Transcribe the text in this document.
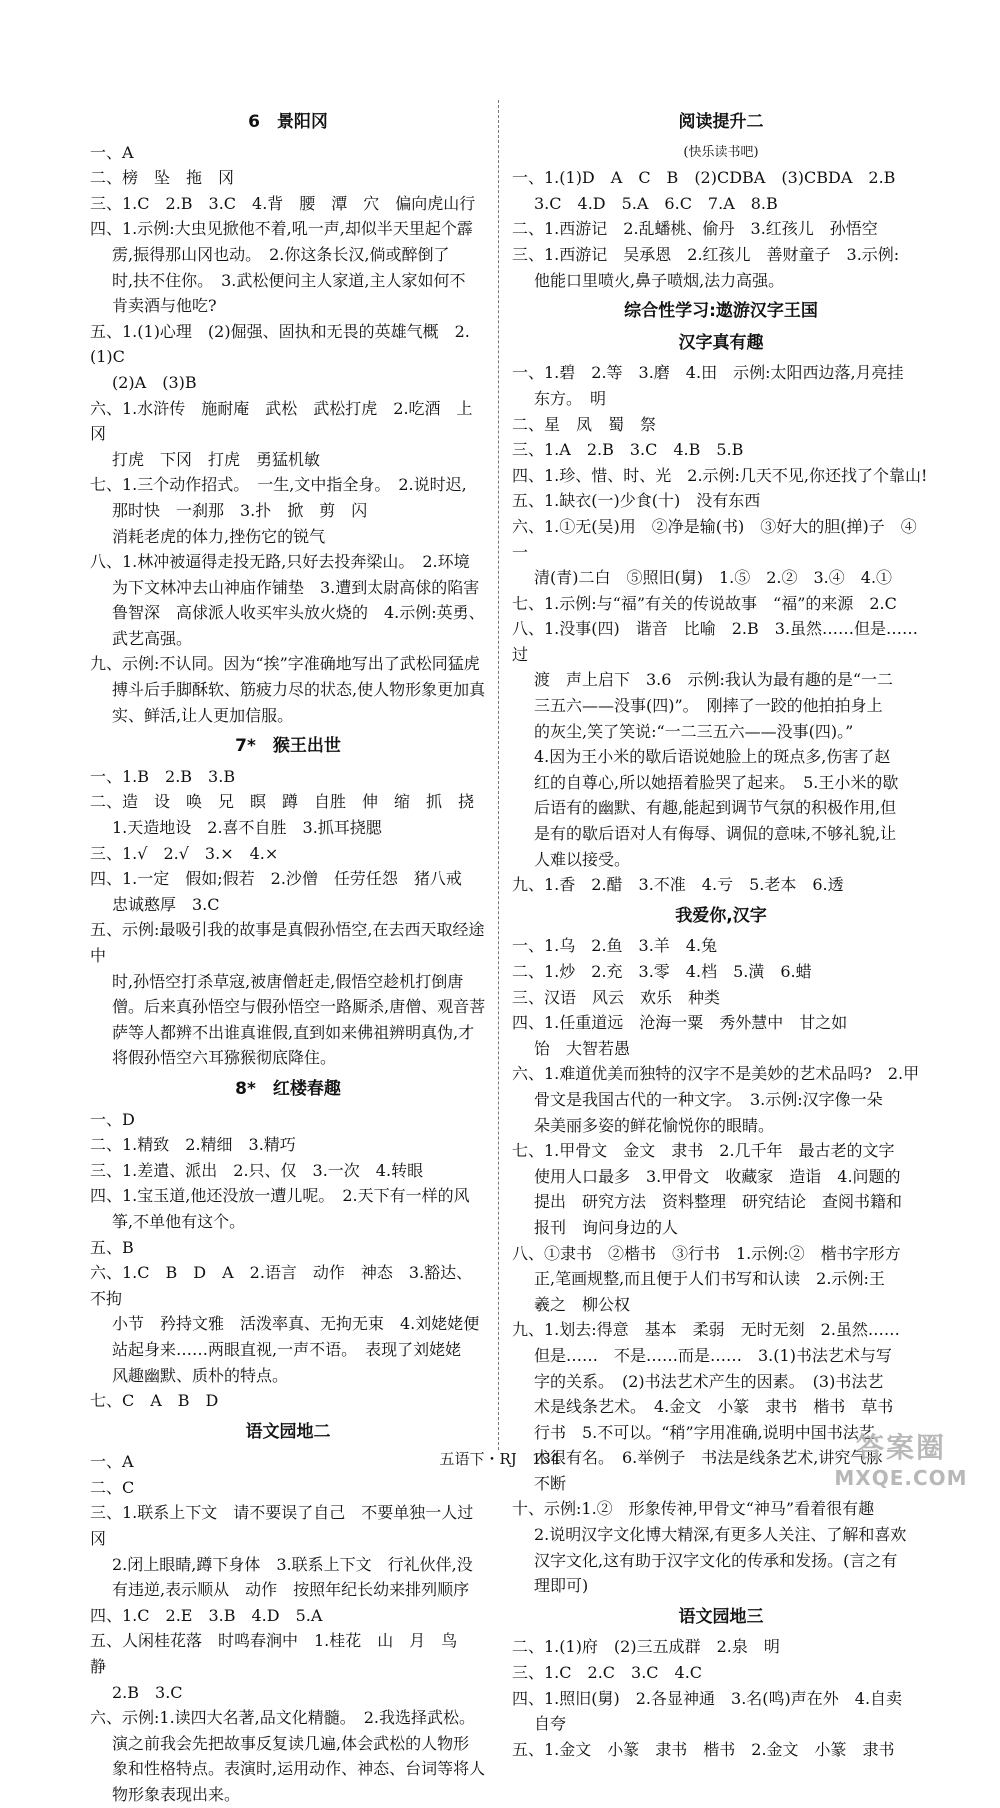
6　景阳冈
一、A
二、榜　坠　拖　冈
三、1.C　2.B　3.C　4.背　腰　潭　穴　偏向虎山行
四、1.示例:大虫见掀他不着,吼一声,却似半天里起个霹
雳,振得那山冈也动。　2.你这条长汉,倘或醉倒了
时,扶不住你。　3.武松便问主人家道,主人家如何不
肯卖酒与他吃?
五、1.(1)心理　(2)倔强、固执和无畏的英雄气概　2.(1)C
(2)A　(3)B
六、1.水浒传　施耐庵　武松　武松打虎　2.吃酒　上冈
打虎　下冈　打虎　勇猛机敏
七、1.三个动作招式。　一生,文中指全身。　2.说时迟,
那时快　一刹那　3.扑　掀　剪　闪
消耗老虎的体力,挫伤它的锐气
八、1.林冲被逼得走投无路,只好去投奔梁山。　2.环境
为下文林冲去山神庙作铺垫　3.遭到太尉高俅的陷害
鲁智深　高俅派人收买牢头放火烧的　4.示例:英勇、
武艺高强。
九、示例:不认同。因为“挨”字准确地写出了武松同猛虎
搏斗后手脚酥软、筋疲力尽的状态,使人物形象更加真
实、鲜活,让人更加信服。
7*　猴王出世
一、1.B　2.B　3.B
二、造　设　唤　兄　瞑　蹲　自胜　伸　缩　抓　挠
1.天造地设　2.喜不自胜　3.抓耳挠腮
三、1.√　2.√　3.×　4.×
四、1.一定　假如;假若　2.沙僧　任劳任怨　猪八戒
忠诚憨厚　3.C
五、示例:最吸引我的故事是真假孙悟空,在去西天取经途中
时,孙悟空打杀草寇,被唐僧赶走,假悟空趁机打倒唐
僧。后来真孙悟空与假孙悟空一路厮杀,唐僧、观音菩
萨等人都辨不出谁真谁假,直到如来佛祖辨明真伪,才
将假孙悟空六耳猕猴彻底降住。
8*　红楼春趣
一、D
二、1.精致　2.精细　3.精巧
三、1.差遣、派出　2.只、仅　3.一次　4.转眼
四、1.宝玉道,他还没放一遭儿呢。　2.天下有一样的风
筝,不单他有这个。
五、B
六、1.C　B　D　A　2.语言　动作　神态　3.豁达、不拘
小节　矜持文雅　活泼率真、无拘无束　4.刘姥姥便
站起身来……两眼直视,一声不语。　表现了刘姥姥
风趣幽默、质朴的特点。
七、C　A　B　D
语文园地二
一、A
二、C
三、1.联系上下文　请不要误了自己　不要单独一人过冈
2.闭上眼睛,蹲下身体　3.联系上下文　行礼伙伴,没
有违逆,表示顺从　动作　按照年纪长幼来排列顺序
四、1.C　2.E　3.B　4.D　5.A
五、人闲桂花落　时鸣春涧中　1.桂花　山　月　鸟　静
2.B　3.C
六、示例:1.读四大名著,品文化精髓。　2.我选择武松。
演之前我会先把故事反复读几遍,体会武松的人物形
象和性格特点。表演时,运用动作、神态、台词等将人
物形象表现出来。
阅读提升二
(快乐读书吧)
一、1.(1)D　A　C　B　(2)CDBA　(3)CBDA　2.B
3.C　4.D　5.A　6.C　7.A　8.B
二、1.西游记　2.乱蟠桃、偷丹　3.红孩儿　孙悟空
三、1.西游记　吴承恩　2.红孩儿　善财童子　3.示例:
他能口里喷火,鼻子喷烟,法力高强。
综合性学习:遨游汉字王国
汉字真有趣
一、1.碧　2.等　3.磨　4.田　示例:太阳西边落,月亮挂
东方。　明
二、星　凤　蜀　祭
三、1.A　2.B　3.C　4.B　5.B
四、1.珍、惜、时、光　2.示例:几天不见,你还找了个靠山!
五、1.缺衣(一)少食(十)　没有东西
六、1.①无(吴)用　②净是输(书)　③好大的胆(掸)子　④一
清(青)二白　⑤照旧(舅)　1.⑤　2.②　3.④　4.①
七、1.示例:与“福”有关的传说故事　“福”的来源　2.C
八、1.没事(四)　谐音　比喻　2.B　3.虽然……但是……　过
渡　声上启下　3.6　示例:我认为最有趣的是“一二
三五六——没事(四)”。　刚摔了一跤的他拍拍身上
的灰尘,笑了笑说:“一二三五六——没事(四)。”
4.因为王小米的歇后语说她脸上的斑点多,伤害了赵
红的自尊心,所以她捂着脸哭了起来。　5.王小米的歇
后语有的幽默、有趣,能起到调节气氛的积极作用,但
是有的歇后语对人有侮辱、调侃的意味,不够礼貌,让
人难以接受。
九、1.香　2.醋　3.不准　4.亏　5.老本　6.透
我爱你,汉字
一、1.乌　2.鱼　3.羊　4.兔
二、1.炒　2.充　3.零　4.档　5.潢　6.蜡
三、汉语　风云　欢乐　种类
四、1.任重道远　沧海一粟　秀外慧中　甘之如
饴　大智若愚
六、1.难道优美而独特的汉字不是美妙的艺术品吗?　2.甲
骨文是我国古代的一种文字。　3.示例:汉字像一朵
朵美丽多姿的鲜花愉悦你的眼睛。
七、1.甲骨文　金文　隶书　2.几千年　最古老的文字
使用人口最多　3.甲骨文　收藏家　造诣　4.问题的
提出　研究方法　资料整理　研究结论　查阅书籍和
报刊　询问身边的人
八、①隶书　②楷书　③行书　1.示例:②　楷书字形方
正,笔画规整,而且便于人们书写和认读　2.示例:王
羲之　柳公权
九、1.划去:得意　基本　柔弱　无时无刻　2.虽然……
但是……　不是……而是……　3.(1)书法艺术与写
字的关系。　(2)书法艺术产生的因素。　(3)书法艺
术是线条艺术。　4.金文　小篆　隶书　楷书　草书
行书　5.不可以。“稍”字用准确,说明中国书法艺
术很有名。　6.举例子　书法是线条艺术,讲究气脉
不断
十、示例:1.②　形象传神,甲骨文“神马”看着很有趣
2.说明汉字文化博大精深,有更多人关注、了解和喜欢
汉字文化,这有助于汉字文化的传承和发扬。(言之有
理即可)
语文园地三
二、1.(1)府　(2)三五成群　2.泉　明
三、1.C　2.C　3.C　4.C
四、1.照旧(舅)　2.各显神通　3.名(鸣)声在外　4.自卖
自夸
五、1.金文　小篆　隶书　楷书　2.金文　小篆　隶书
五语下・RJ　134	答案圈
MXQE.COM
